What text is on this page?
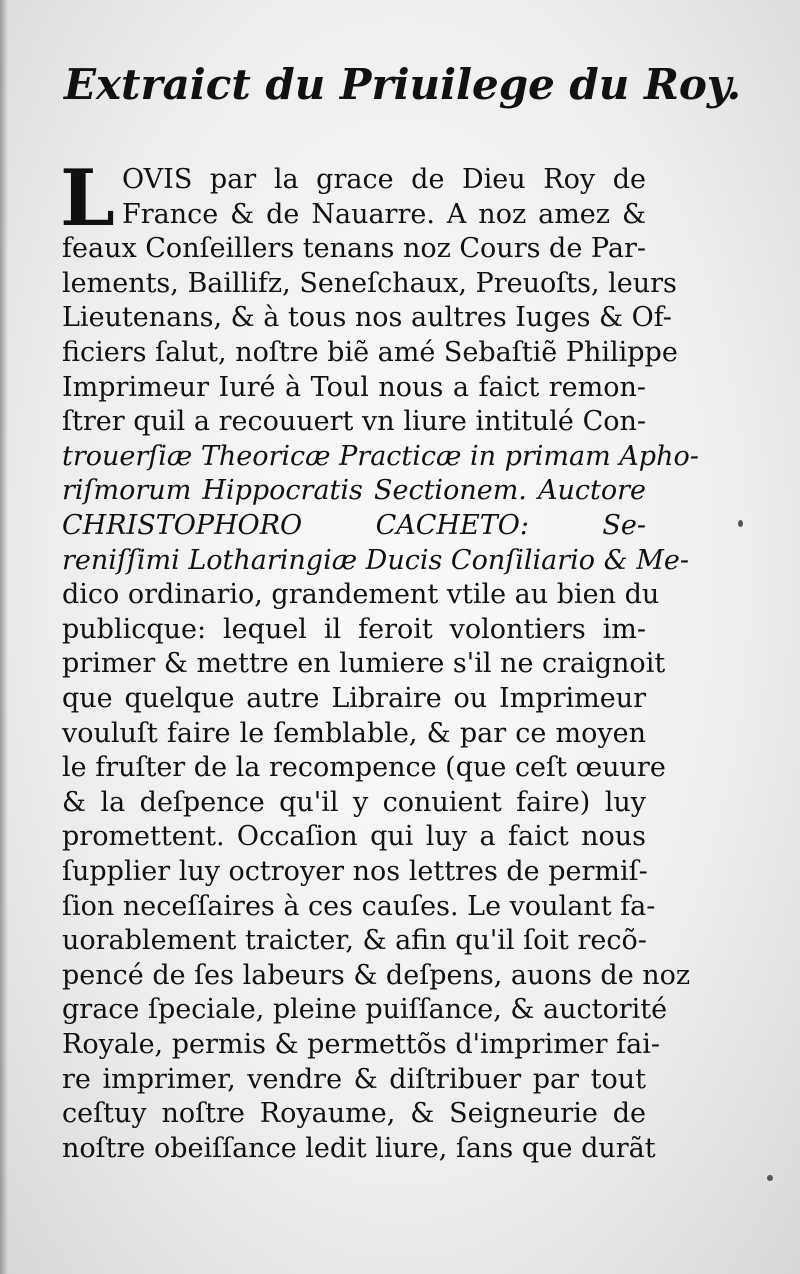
Extraict du Priuilege du Roy.
L OVIS par la grace de Dieu Roy de
France & de Nauarre. A noz amez &
feaux Conſeillers tenans noz Cours de Par-
lements, Baillifz, Seneſchaux, Preuoſts, leurs
Lieutenans, & à tous nos aultres Iuges & Of-
ficiers ſalut, noſtre biẽ amé Sebaſtiẽ Philippe
Imprimeur Iuré à Toul nous a faict remon-
ſtrer quil a recouuert vn liure intitulé Con-
trouerſiæ Theoricæ Practicæ in primam Apho-
riſmorum Hippocratis Sectionem. Auctore
CHRISTOPHORO CACHETO: Se-
reniſſimi Lotharingiæ Ducis Conſiliario & Me-
dico ordinario, grandement vtile au bien du
publicque: lequel il feroit volontiers im-
primer & mettre en lumiere s'il ne craignoit
que quelque autre Libraire ou Imprimeur
vouluſt faire le ſemblable, & par ce moyen
le fruſter de la recompence (que ceſt œuure
& la deſpence qu'il y conuient faire) luy
promettent. Occaſion qui luy a faict nous
ſupplier luy octroyer nos lettres de permiſ-
ſion neceſſaires à ces cauſes. Le voulant fa-
uorablement traicter, & afin qu'il ſoit recõ-
pencé de ſes labeurs & deſpens, auons de noz
grace ſpeciale, pleine puiſſance, & auctorité
Royale, permis & permettõs d'imprimer fai-
re imprimer, vendre & diſtribuer par tout
ceſtuy noſtre Royaume, & Seigneurie de
noſtre obeiſſance ledit liure, ſans que durãt
